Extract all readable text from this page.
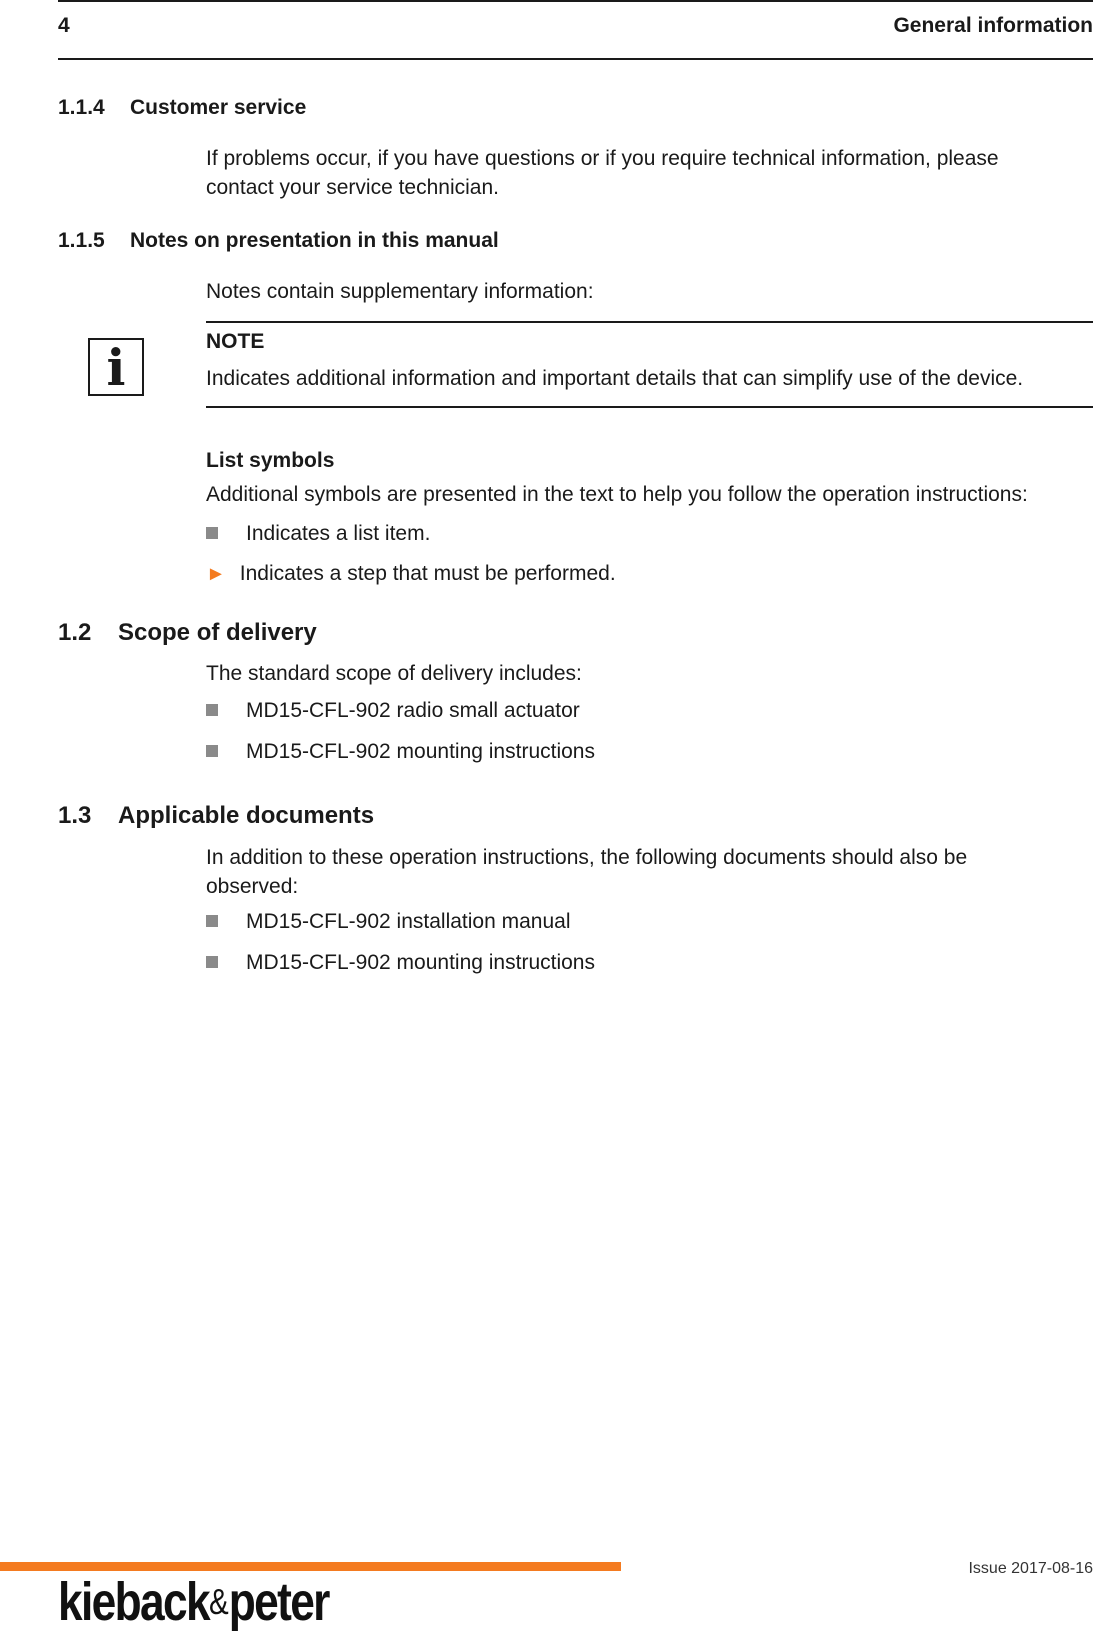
4	General information
1.1.4 Customer service
If problems occur, if you have questions or if you require technical information, please contact your service technician.
1.1.5 Notes on presentation in this manual
Notes contain supplementary information:
i	NOTE
Indicates additional information and important details that can simplify use of the device.
List symbols
Additional symbols are presented in the text to help you follow the operation instructions:
Indicates a list item.
► Indicates a step that must be performed.
1.2 Scope of delivery
The standard scope of delivery includes:
MD15-CFL-902 radio small actuator
MD15-CFL-902 mounting instructions
1.3 Applicable documents
In addition to these operation instructions, the following documents should also be observed:
MD15-CFL-902 installation manual
MD15-CFL-902 mounting instructions
Issue 2017-08-16
kieback&peter
